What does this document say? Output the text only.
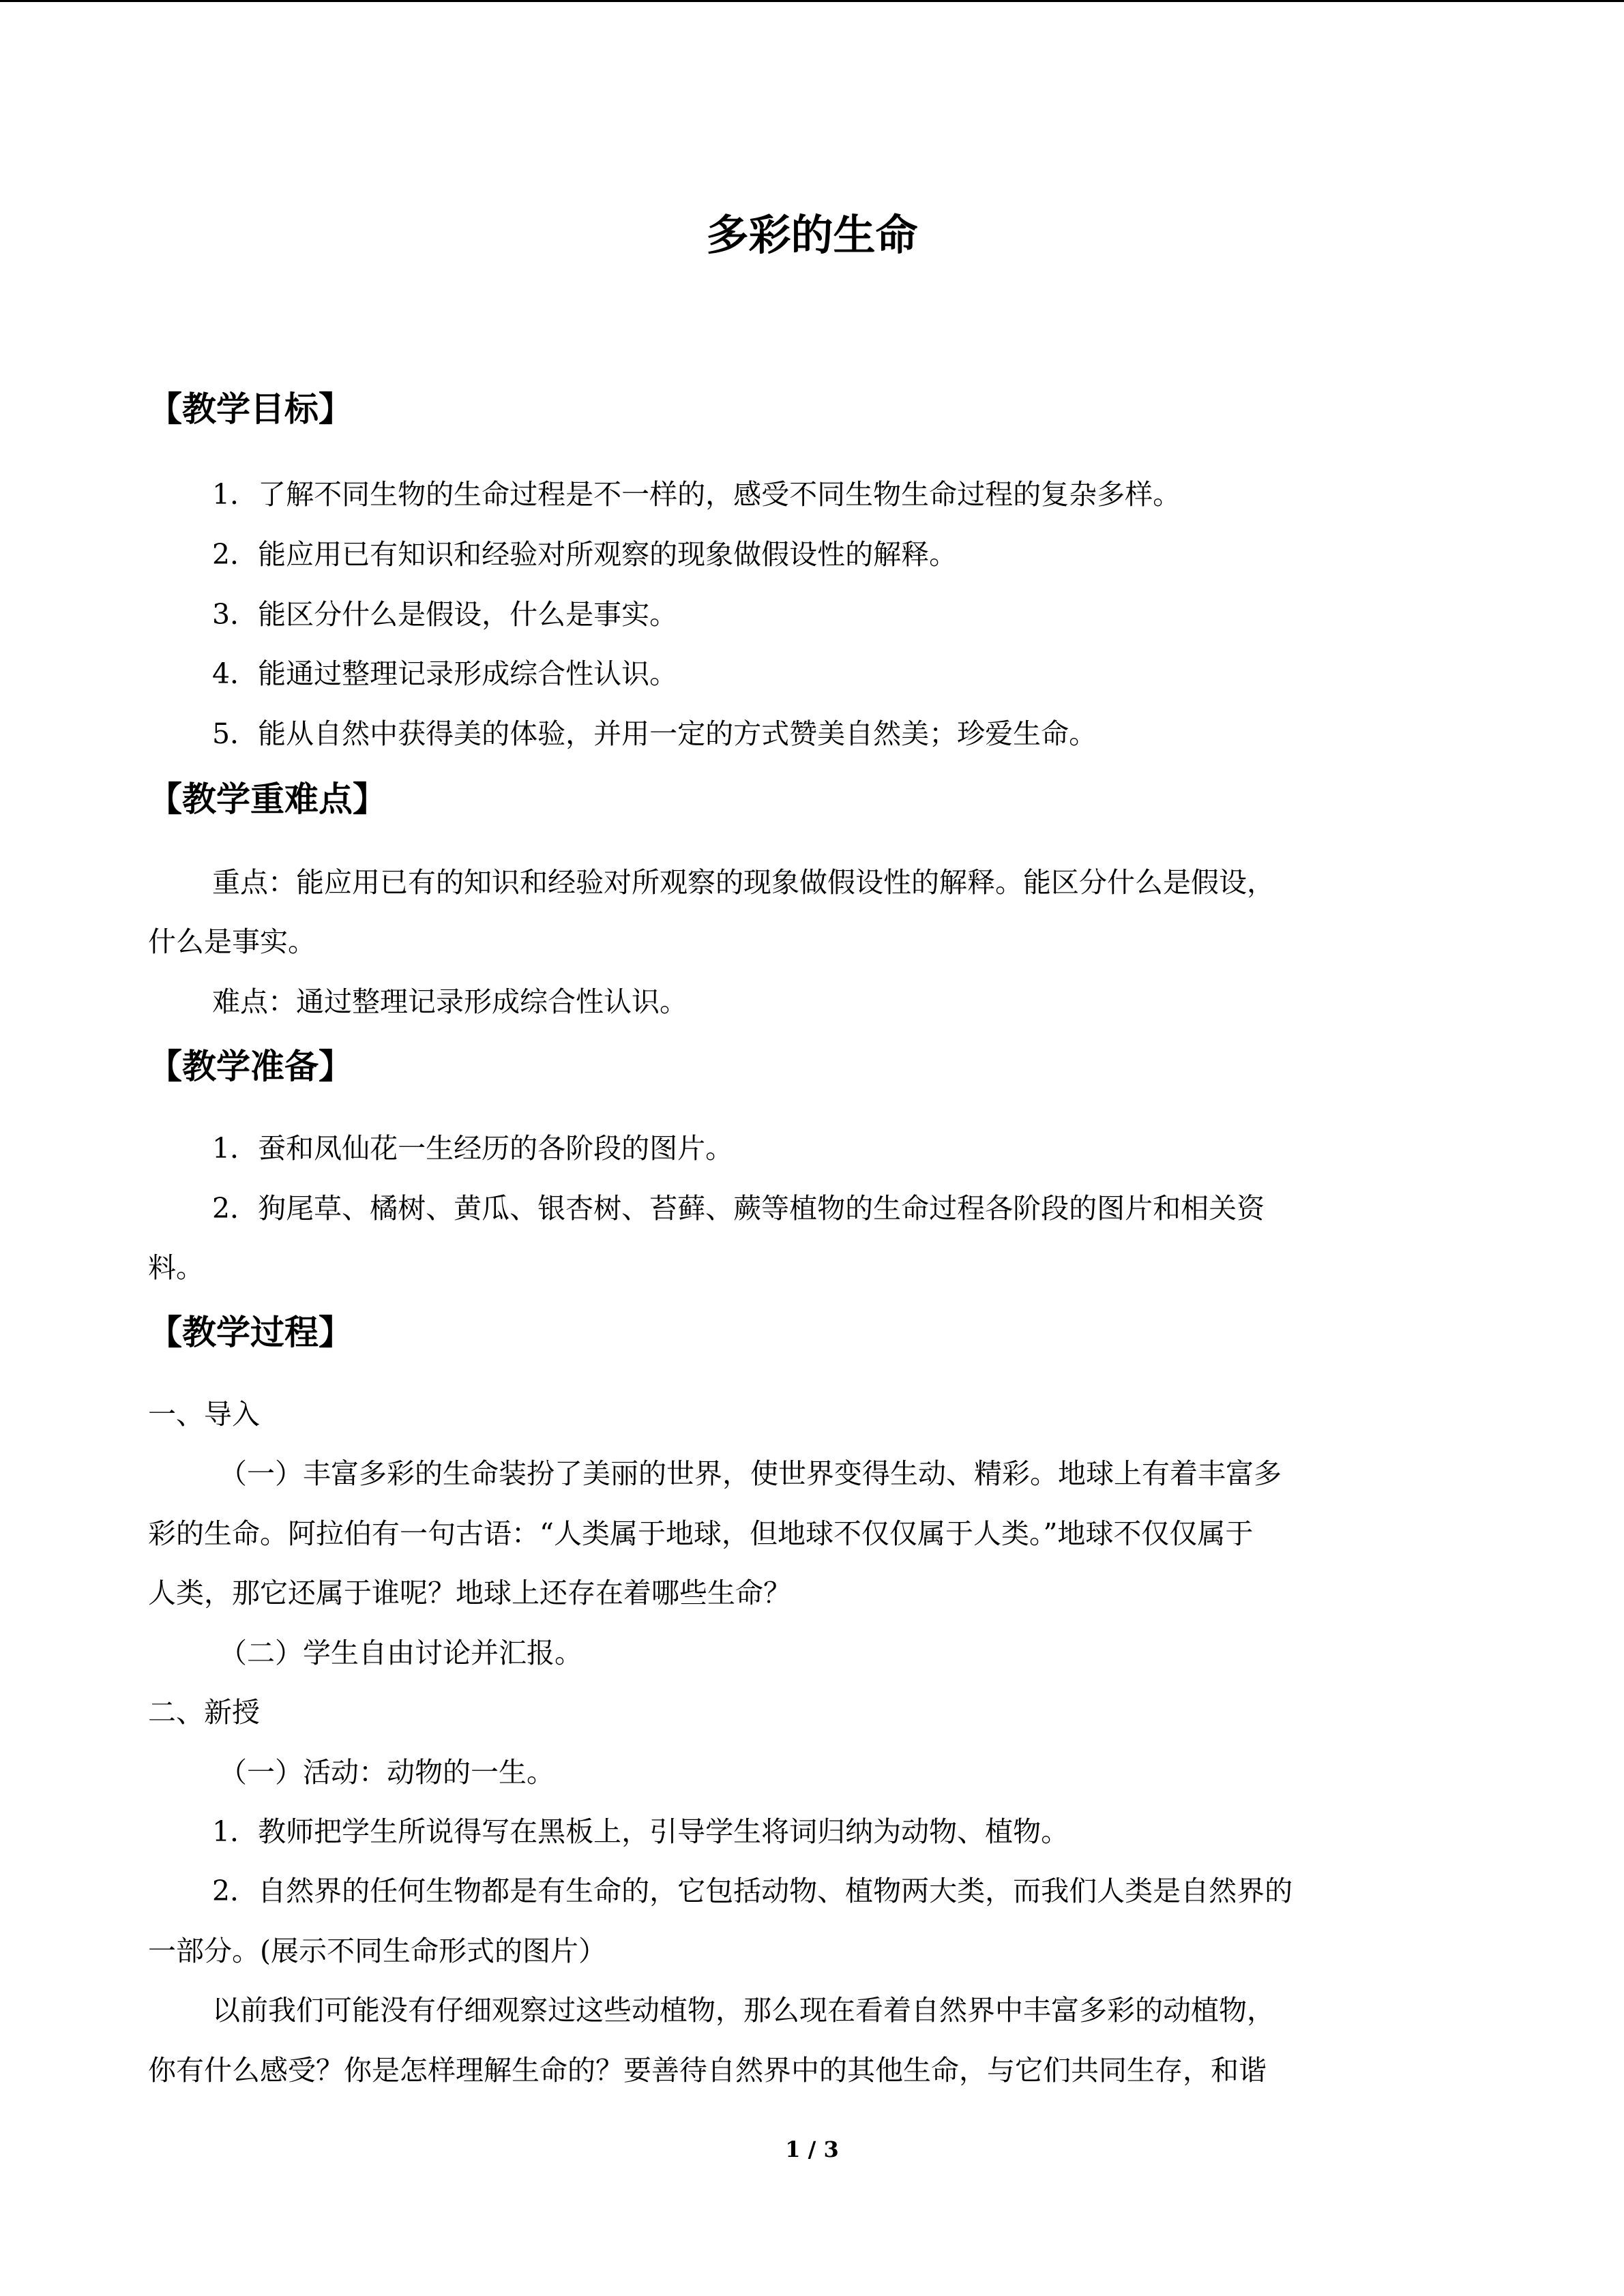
多彩的生命
【教学目标】
1．了解不同生物的生命过程是不一样的，感受不同生物生命过程的复杂多样。
2．能应用已有知识和经验对所观察的现象做假设性的解释。
3．能区分什么是假设，什么是事实。
4．能通过整理记录形成综合性认识。
5．能从自然中获得美的体验，并用一定的方式赞美自然美；珍爱生命。
【教学重难点】
重点：能应用已有的知识和经验对所观察的现象做假设性的解释。能区分什么是假设，
什么是事实。
难点：通过整理记录形成综合性认识。
【教学准备】
1．蚕和凤仙花一生经历的各阶段的图片。
2．狗尾草、橘树、黄瓜、银杏树、苔藓、蕨等植物的生命过程各阶段的图片和相关资
料。
【教学过程】
一、导入
（一）丰富多彩的生命装扮了美丽的世界，使世界变得生动、精彩。地球上有着丰富多
彩的生命。阿拉伯有一句古语：“人类属于地球，但地球不仅仅属于人类。”地球不仅仅属于
人类，那它还属于谁呢？地球上还存在着哪些生命？
（二）学生自由讨论并汇报。
二、新授
（一）活动：动物的一生。
1．教师把学生所说得写在黑板上，引导学生将词归纳为动物、植物。
2．自然界的任何生物都是有生命的，它包括动物、植物两大类，而我们人类是自然界的
一部分。(展示不同生命形式的图片）
以前我们可能没有仔细观察过这些动植物，那么现在看着自然界中丰富多彩的动植物，
你有什么感受？你是怎样理解生命的？要善待自然界中的其他生命，与它们共同生存，和谐
1 / 3
